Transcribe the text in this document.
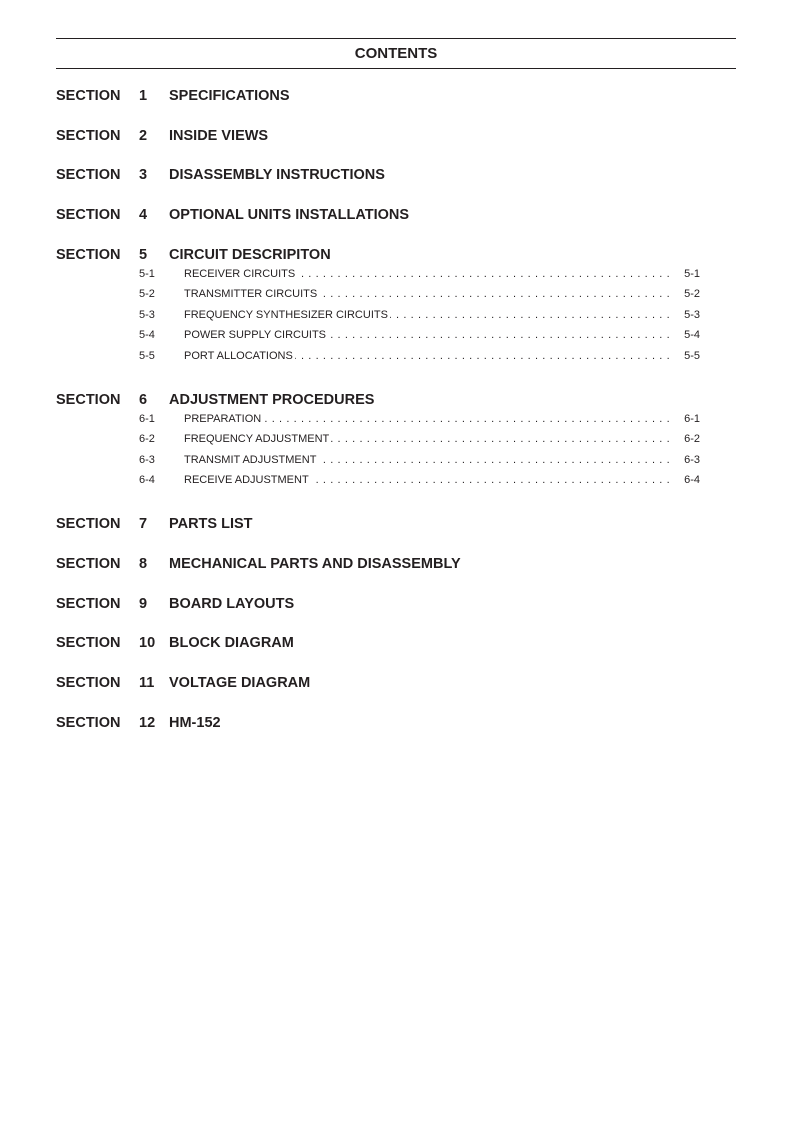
CONTENTS
SECTION 1 SPECIFICATIONS
SECTION 2 INSIDE VIEWS
SECTION 3 DISASSEMBLY INSTRUCTIONS
SECTION 4 OPTIONAL UNITS INSTALLATIONS
SECTION 5 CIRCUIT DESCRIPITON
5-1	RECEIVER CIRCUITS . . .	5-1
5-2	TRANSMITTER CIRCUITS . . .	5-2
5-3	FREQUENCY SYNTHESIZER CIRCUITS . . .	5-3
5-4	POWER SUPPLY CIRCUITS . . .	5-4
5-5	PORT ALLOCATIONS . . .	5-5
SECTION 6 ADJUSTMENT PROCEDURES
6-1	PREPARATION . . .	6-1
6-2	FREQUENCY ADJUSTMENT . . .	6-2
6-3	TRANSMIT ADJUSTMENT . . .	6-3
6-4	RECEIVE ADJUSTMENT . . .	6-4
SECTION 7 PARTS LIST
SECTION 8 MECHANICAL PARTS AND DISASSEMBLY
SECTION 9 BOARD LAYOUTS
SECTION 10 BLOCK DIAGRAM
SECTION 11 VOLTAGE DIAGRAM
SECTION 12 HM-152
